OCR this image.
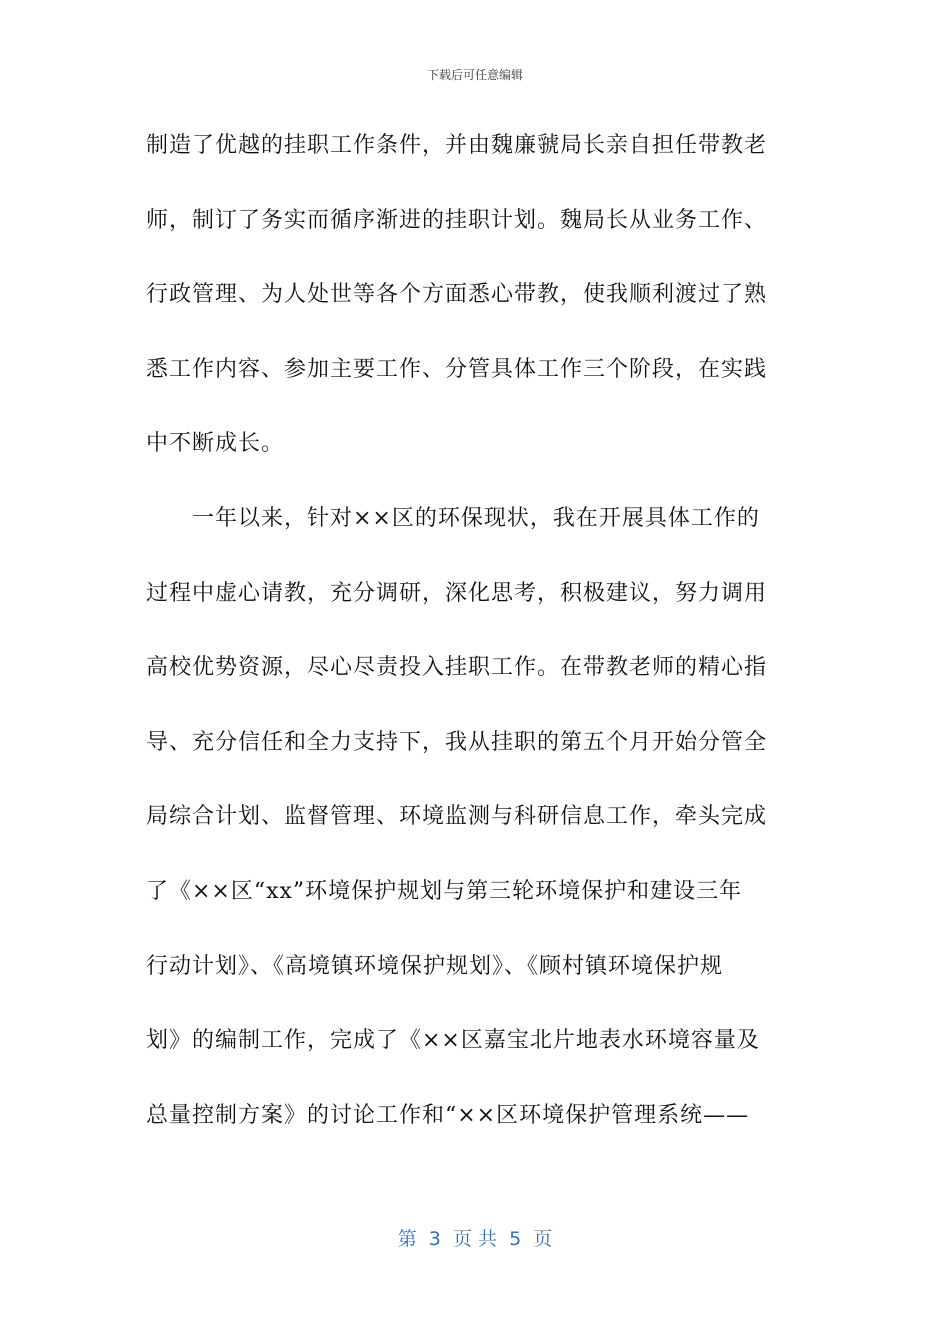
下载后可任意编辑
制造了优越的挂职工作条件，并由魏廉虢局长亲自担任带教老
师，制订了务实而循序渐进的挂职计划。魏局长从业务工作、
行政管理、为人处世等各个方面悉心带教，使我顺利渡过了熟
悉工作内容、参加主要工作、分管具体工作三个阶段，在实践
中不断成长。
　　一年以来，针对××区的环保现状，我在开展具体工作的
过程中虚心请教，充分调研，深化思考，积极建议，努力调用
高校优势资源，尽心尽责投入挂职工作。在带教老师的精心指
导、充分信任和全力支持下，我从挂职的第五个月开始分管全
局综合计划、监督管理、环境监测与科研信息工作，牵头完成
了《××区“xx”环境保护规划与第三轮环境保护和建设三年
行动计划》、《高境镇环境保护规划》、《顾村镇环境保护规
划》的编制工作，完成了《××区嘉宝北片地表水环境容量及
总量控制方案》的讨论工作和“××区环境保护管理系统——
第  3  页 共  5  页
